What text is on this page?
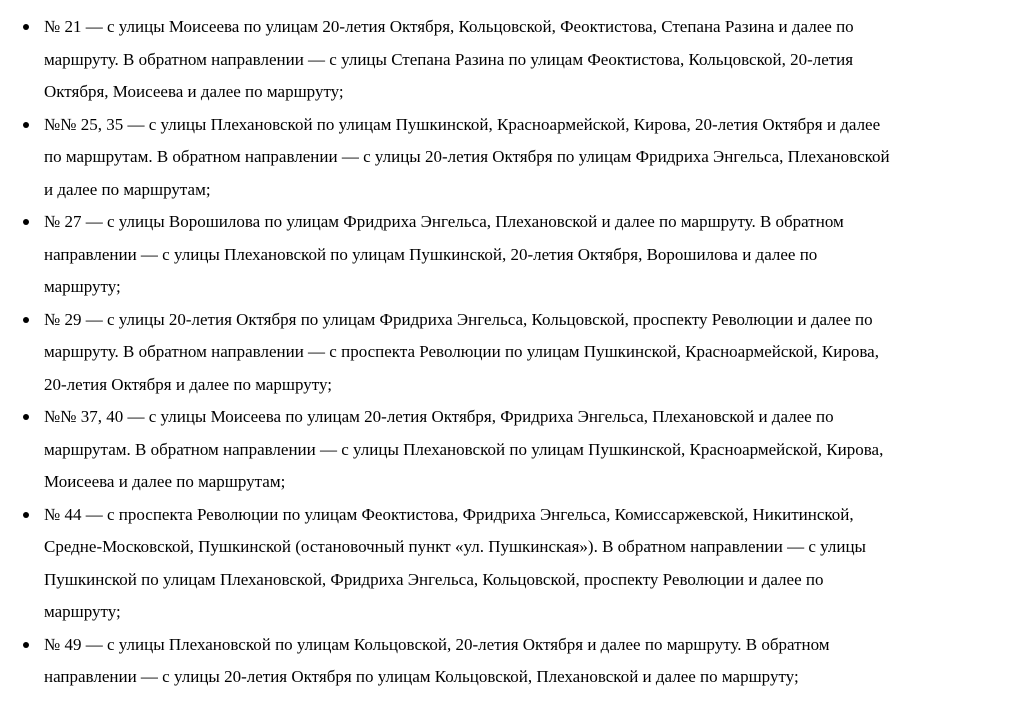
№ 21 — с улицы Моисеева по улицам 20-летия Октября, Кольцовской, Феоктистова, Степана Разина и далее по
маршруту. В обратном направлении — с улицы Степана Разина по улицам Феоктистова, Кольцовской, 20-летия
Октября, Моисеева и далее по маршруту;
№№ 25, 35 — с улицы Плехановской по улицам Пушкинской, Красноармейской, Кирова, 20-летия Октября и далее
по маршрутам. В обратном направлении — с улицы 20-летия Октября по улицам Фридриха Энгельса, Плехановской
и далее по маршрутам;
№ 27 — с улицы Ворошилова по улицам Фридриха Энгельса, Плехановской и далее по маршруту. В обратном
направлении — с улицы Плехановской по улицам Пушкинской, 20-летия Октября, Ворошилова и далее по
маршруту;
№ 29 — с улицы 20-летия Октября по улицам Фридриха Энгельса, Кольцовской, проспекту Революции и далее по
маршруту. В обратном направлении — с проспекта Революции по улицам Пушкинской, Красноармейской, Кирова,
20-летия Октября и далее по маршруту;
№№ 37, 40 — с улицы Моисеева по улицам 20-летия Октября, Фридриха Энгельса, Плехановской и далее по
маршрутам. В обратном направлении — с улицы Плехановской по улицам Пушкинской, Красноармейской, Кирова,
Моисеева и далее по маршрутам;
№ 44 — с проспекта Революции по улицам Феоктистова, Фридриха Энгельса, Комиссаржевской, Никитинской,
Средне-Московской, Пушкинской (остановочный пункт «ул. Пушкинская»). В обратном направлении — с улицы
Пушкинской по улицам Плехановской, Фридриха Энгельса, Кольцовской, проспекту Революции и далее по
маршруту;
№ 49 — с улицы Плехановской по улицам Кольцовской, 20-летия Октября и далее по маршруту. В обратном
направлении — с улицы 20-летия Октября по улицам Кольцовской, Плехановской и далее по маршруту;
